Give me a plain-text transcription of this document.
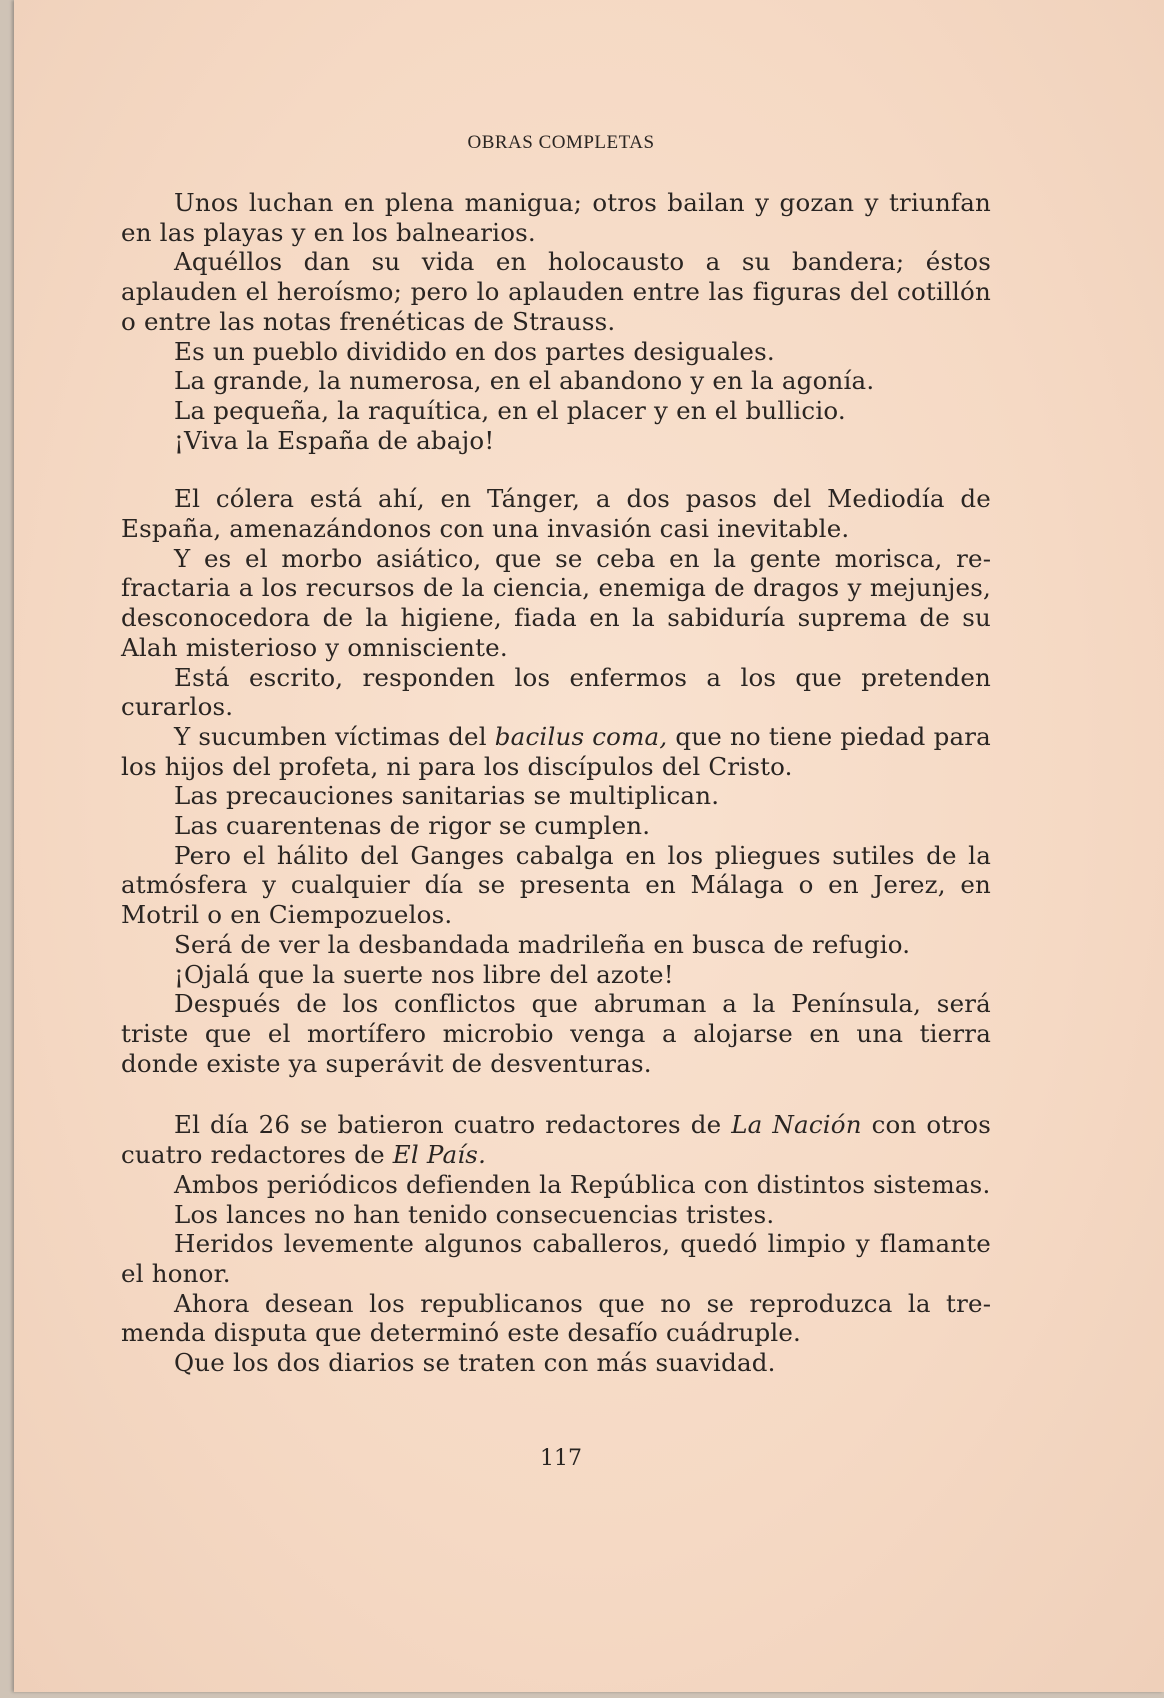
OBRAS COMPLETAS

Unos luchan en plena manigua; otros bailan y gozan y triunfan en las playas y en los balnearios.

Aquéllos dan su vida en holocausto a su bandera; éstos aplauden el heroísmo; pero lo aplauden entre las figuras del cotillón o entre las notas frenéticas de Strauss.

Es un pueblo dividido en dos partes desiguales.

La grande, la numerosa, en el abandono y en la agonía.

La pequeña, la raquítica, en el placer y en el bullicio.

¡Viva la España de abajo!

El cólera está ahí, en Tánger, a dos pasos del Mediodía de España, amenazándonos con una invasión casi inevitable.

Y es el morbo asiático, que se ceba en la gente morisca, refractaria a los recursos de la ciencia, enemiga de dragos y mejunjes, desconocedora de la higiene, fiada en la sabiduría suprema de su Alah misterioso y omnisciente.

Está escrito, responden los enfermos a los que pretenden curarlos.

Y sucumben víctimas del bacilus coma, que no tiene piedad para los hijos del profeta, ni para los discípulos del Cristo.

Las precauciones sanitarias se multiplican.

Las cuarentenas de rigor se cumplen.

Pero el hálito del Ganges cabalga en los pliegues sutiles de la atmósfera y cualquier día se presenta en Málaga o en Jerez, en Motril o en Ciempozuelos.

Será de ver la desbandada madrileña en busca de refugio.

¡Ojalá que la suerte nos libre del azote!

Después de los conflictos que abruman a la Península, será triste que el mortífero microbio venga a alojarse en una tierra donde existe ya superávit de desventuras.

El día 26 se batieron cuatro redactores de La Nación con otros cuatro redactores de El País.

Ambos periódicos defienden la República con distintos sistemas.

Los lances no han tenido consecuencias tristes.

Heridos levemente algunos caballeros, quedó limpio y flamante el honor.

Ahora desean los republicanos que no se reproduzca la tremenda disputa que determinó este desafío cuádruple.

Que los dos diarios se traten con más suavidad.

117
